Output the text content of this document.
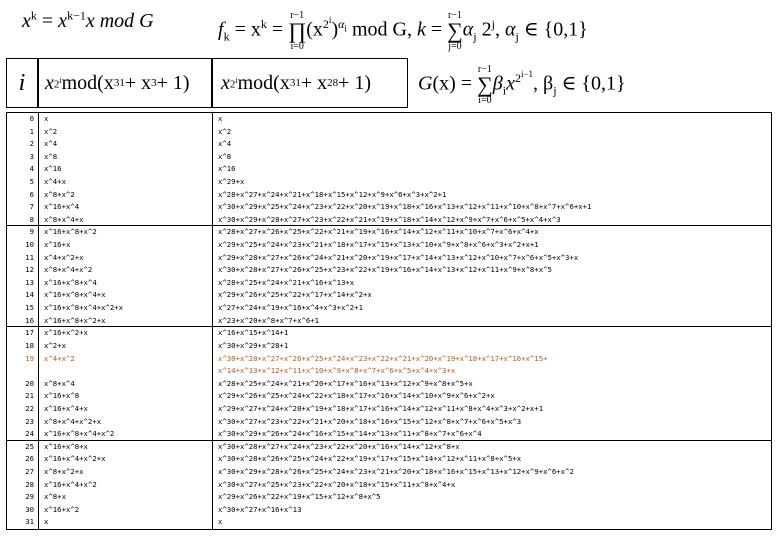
$x^k = x^{k-1}x$ mod G	$f_k = x^k$ =
r−1
∏
i=0
$(x^{2^i})^{\alpha_i}$ mod G, k =
r−1
∑
j=0
$\alpha_j$ 2$^j$, $\alpha_j$ ∈ {0,1}
i x 2$^i$ mod(x 31 + x 3 + 1) x 2$^i$ mod(x 31 + x 28 + 1) G(x) =
r−1
∑
i=0
$\beta_ix^{2^{i-1}}$, $\beta_j$ ∈ {0,1}
0 x	x
1 x^2	x^2
2 x^4	x^4
3 x^8	x^8
4 x^16	x^16
5 x^4+x	x^29+x
6 x^8+x^2	x^28+x^27+x^24+x^21+x^18+x^15+x^12+x^9+x^6+x^3+x^2+1
7 x^16+x^4	x^30+x^29+x^25+x^24+x^23+x^22+x^20+x^19+x^18+x^16+x^13+x^12+x^11+x^10+x^8+x^7+x^6+x+1
8 x^8+x^4+x	x^30+x^29+x^28+x^27+x^23+x^22+x^21+x^19+x^18+x^14+x^12+x^9+x^7+x^6+x^5+x^4+x^3
9 x^16+x^8+x^2	x^28+x^27+x^26+x^25+x^22+x^21+x^19+x^16+x^14+x^12+x^11+x^10+x^7+x^6+x^4+x
10 x^16+x	x^29+x^25+x^24+x^23+x^21+x^18+x^17+x^15+x^13+x^10+x^9+x^8+x^6+x^3+x^2+x+1
11 x^4+x^2+x	x^29+x^28+x^27+x^26+x^24+x^21+x^20+x^19+x^17+x^14+x^13+x^12+x^10+x^7+x^6+x^5+x^3+x
12 x^8+x^4+x^2	x^30+x^28+x^27+x^26+x^25+x^23+x^22+x^19+x^16+x^14+x^13+x^12+x^11+x^9+x^8+x^5
13 x^16+x^8+x^4	x^28+x^25+x^24+x^21+x^16+x^13+x
14 x^16+x^8+x^4+x	x^29+x^26+x^25+x^22+x^17+x^14+x^2+x
15 x^16+x^8+x^4+x^2+x	x^27+x^24+x^19+x^16+x^4+x^3+x^2+1
16 x^16+x^8+x^2+x	x^23+x^20+x^8+x^7+x^6+1
17 x^16+x^2+x	x^16+x^15+x^14+1
18 x^2+x	x^30+x^29+x^28+1
19 x^4+x^2	x^30+x^28+x^27+x^26+x^25+x^24+x^23+x^22+x^21+x^20+x^19+x^18+x^17+x^16+x^15+
x^14+x^13+x^12+x^11+x^10+x^9+x^8+x^7+x^6+x^5+x^4+x^3+x
20 x^8+x^4	x^28+x^25+x^24+x^21+x^20+x^17+x^16+x^13+x^12+x^9+x^8+x^5+x
21 x^16+x^8	x^29+x^26+x^25+x^24+x^22+x^18+x^17+x^16+x^14+x^10+x^9+x^6+x^2+x
22 x^16+x^4+x	x^29+x^27+x^24+x^20+x^19+x^18+x^17+x^16+x^14+x^12+x^11+x^8+x^4+x^3+x^2+x+1
23 x^8+x^4+x^2+x	x^30+x^27+x^23+x^22+x^21+x^20+x^18+x^16+x^15+x^12+x^8+x^7+x^6+x^5+x^3
24 x^16+x^8+x^4+x^2	x^30+x^29+x^26+x^24+x^16+x^15+x^14+x^13+x^11+x^8+x^7+x^6+x^4
25 x^16+x^8+x	x^30+x^28+x^27+x^24+x^23+x^22+x^20+x^16+x^14+x^12+x^8+x
26 x^16+x^4+x^2+x	x^30+x^28+x^26+x^25+x^24+x^22+x^19+x^17+x^15+x^14+x^12+x^11+x^8+x^5+x
27 x^8+x^2+x	x^30+x^29+x^28+x^26+x^25+x^24+x^23+x^21+x^20+x^18+x^16+x^15+x^13+x^12+x^9+x^6+x^2
28 x^16+x^4+x^2	x^30+x^27+x^25+x^23+x^22+x^20+x^18+x^15+x^11+x^8+x^4+x
29 x^8+x	x^29+x^26+x^22+x^19+x^15+x^12+x^8+x^5
30 x^16+x^2	x^30+x^27+x^16+x^13
31 x	x
